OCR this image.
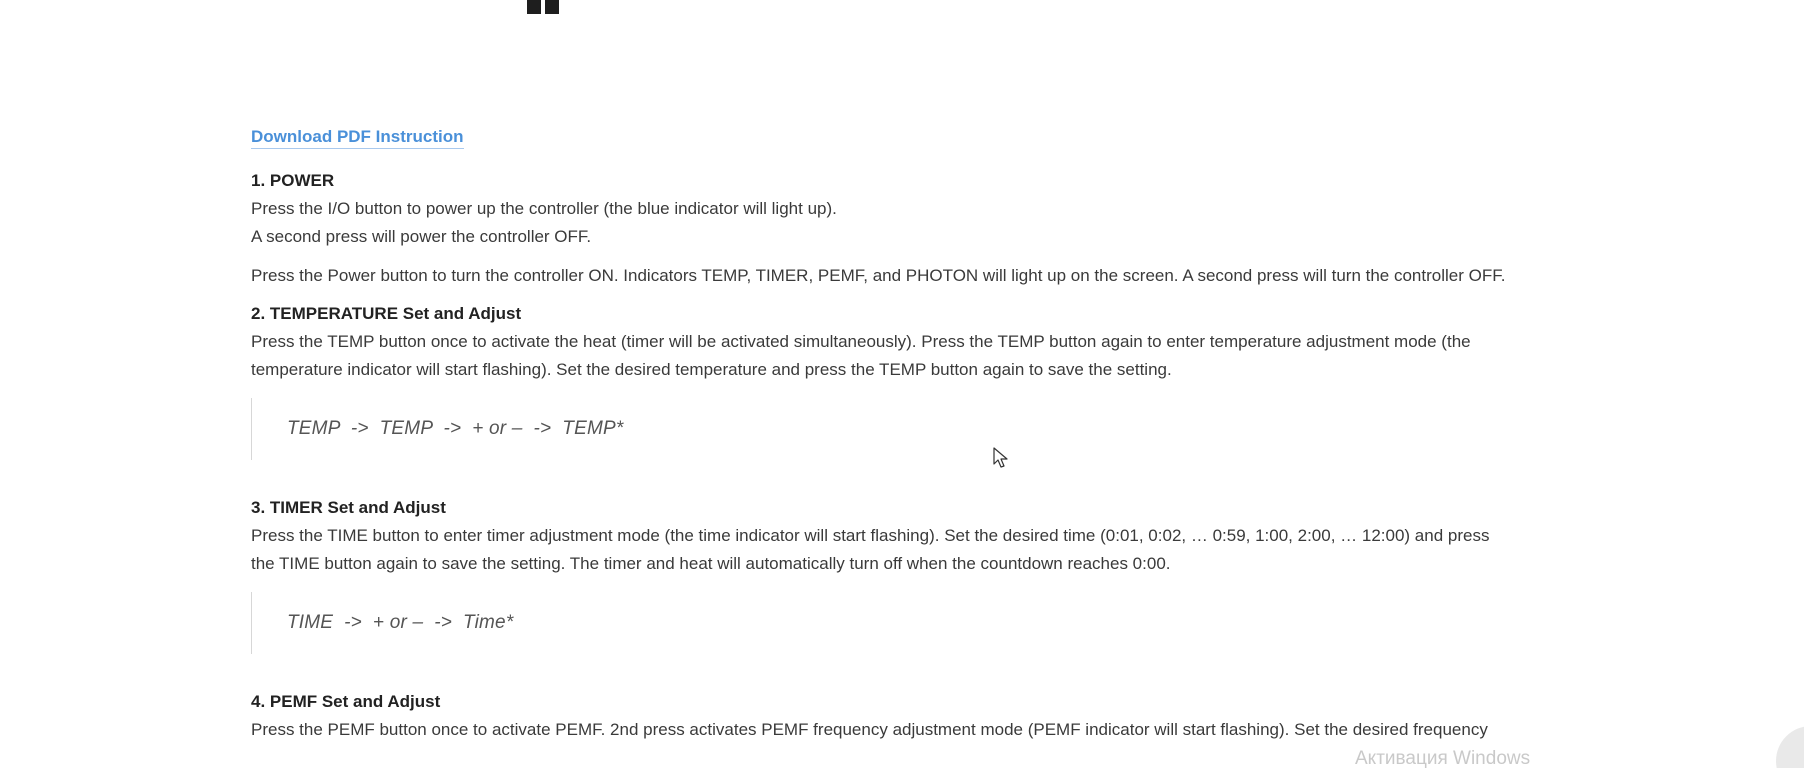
Download PDF Instruction
1. POWER

Press the I/O button to power up the controller (the blue indicator will light up).

A second press will power the controller OFF.

Press the Power button to turn the controller ON. Indicators TEMP, TIMER, PEMF, and PHOTON will light up on the screen. A second press will turn the controller OFF.

2. TEMPERATURE Set and Adjust

Press the TEMP button once to activate the heat (timer will be activated simultaneously). Press the TEMP button again to enter temperature adjustment mode (the

temperature indicator will start flashing). Set the desired temperature and press the TEMP button again to save the setting.

TEMP  ->  TEMP  ->  + or –  ->  TEMP*
3. TIMER Set and Adjust

Press the TIME button to enter timer adjustment mode (the time indicator will start flashing). Set the desired time (0:01, 0:02, … 0:59, 1:00, 2:00, … 12:00) and press

the TIME button again to save the setting. The timer and heat will automatically turn off when the countdown reaches 0:00.

TIME  ->  + or –  ->  Time*
4. PEMF Set and Adjust

Press the PEMF button once to activate PEMF. 2nd press activates PEMF frequency adjustment mode (PEMF indicator will start flashing). Set the desired frequency

Активация Windows
